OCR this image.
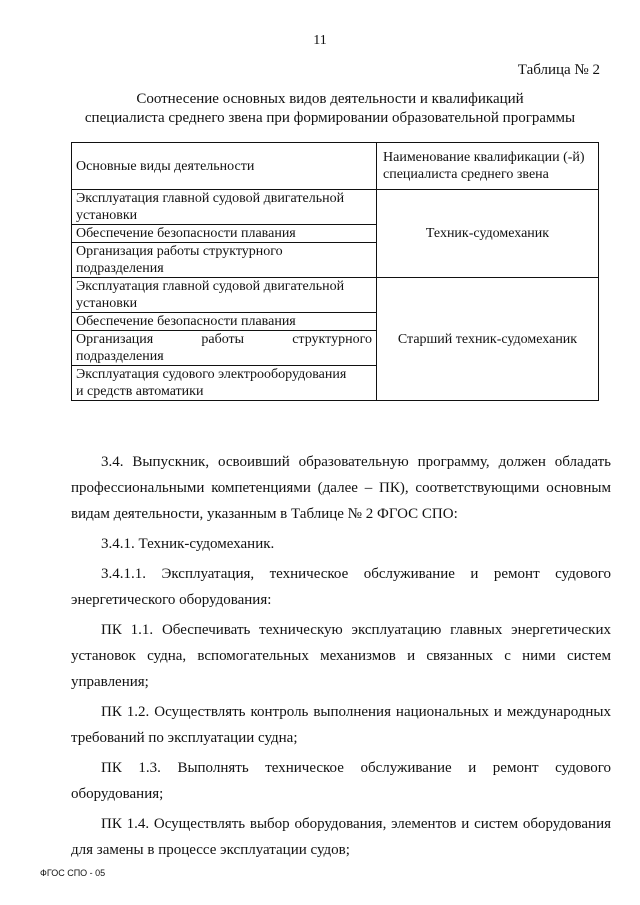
11
Таблица № 2
Соотнесение основных видов деятельности и квалификаций
специалиста среднего звена при формировании образовательной программы
Основные виды деятельности	Наименование квалификации (-й)
специалиста среднего звена

Эксплуатация главной судовой двигательной
установки	Техник-судомеханик

Обеспечение безопасности плавания	

Организация работы структурного
подразделения	

Эксплуатация главной судовой двигательной
установки	Старший техник-судомеханик

Обеспечение безопасности плавания	

Организация работы структурного
подразделения	

Эксплуатация судового электрооборудования
и средств автоматики	

3.4. Выпускник, освоивший образовательную программу, должен обладать профессиональными компетенциями (далее – ПК), соответствующими основным видам деятельности, указанным в Таблице № 2 ФГОС СПО:

3.4.1. Техник-судомеханик.

3.4.1.1. Эксплуатация, техническое обслуживание и ремонт судового энергетического оборудования:

ПК 1.1. Обеспечивать техническую эксплуатацию главных энергетических установок судна, вспомогательных механизмов и связанных с ними систем управления;

ПК 1.2. Осуществлять контроль выполнения национальных и международных требований по эксплуатации судна;

ПК 1.3. Выполнять техническое обслуживание и ремонт судового оборудования;

ПК 1.4. Осуществлять выбор оборудования, элементов и систем оборудования для замены в процессе эксплуатации судов;

ФГОС СПО - 05
